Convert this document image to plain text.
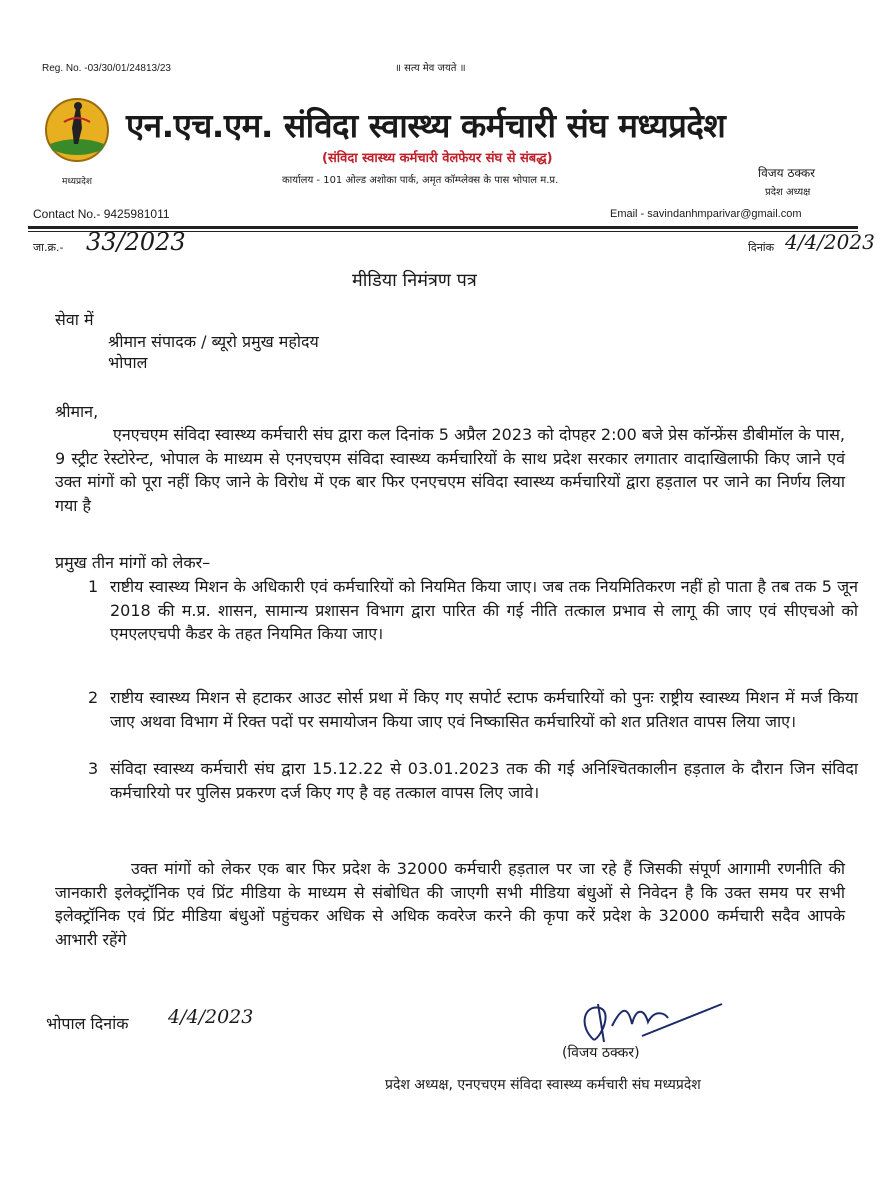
Reg. No. -03/30/01/24813/23	॥ सत्य मेव जयते ॥
मध्यप्रदेश
एन.एच.एम. संविदा स्वास्थ्य कर्मचारी संघ मध्यप्रदेश
(संविदा स्वास्थ्य कर्मचारी वेलफेयर संघ से संबद्ध)
कार्यालय - 101 ओल्ड अशोका पार्क, अमृत कॉम्प्लेक्स के पास भोपाल म.प्र.
विजय ठक्कर
प्रदेश अध्यक्ष
Contact No.- 9425981011	Email - savindanhmparivar@gmail.com
जा.क्र.- 33/2023	दिनांक 4/4/2023
मीडिया निमंत्रण पत्र
सेवा में
श्रीमान संपादक / ब्यूरो प्रमुख महोदय
भोपाल
श्रीमान,
एनएचएम संविदा स्वास्थ्य कर्मचारी संघ द्वारा कल दिनांक 5 अप्रैल 2023 को दोपहर 2:00 बजे प्रेस कॉन्फ्रेंस डीबीमॉल के पास, 9 स्ट्रीट रेस्टोरेन्ट, भोपाल के माध्यम से एनएचएम संविदा स्वास्थ्य कर्मचारियों के साथ प्रदेश सरकार लगातार वादाखिलाफी किए जाने एवं उक्त मांगों को पूरा नहीं किए जाने के विरोध में एक बार फिर एनएचएम संविदा स्वास्थ्य कर्मचारियों द्वारा हड़ताल पर जाने का निर्णय लिया गया है
प्रमुख तीन मांगों को लेकर–
1 राष्टीय स्वास्थ्य मिशन के अधिकारी एवं कर्मचारियों को नियमित किया जाए। जब तक नियमितिकरण नहीं हो पाता है तब तक 5 जून 2018 की म.प्र. शासन, सामान्य प्रशासन विभाग द्वारा पारित की गई नीति तत्काल प्रभाव से लागू की जाए एवं सीएचओ को एमएलएचपी कैडर के तहत नियमित किया जाए।
2 राष्टीय स्वास्थ्य मिशन से हटाकर आउट सोर्स प्रथा में किए गए सपोर्ट स्टाफ कर्मचारियों को पुनः राष्ट्रीय स्वास्थ्य मिशन में मर्ज किया जाए अथवा विभाग में रिक्त पदों पर समायोजन किया जाए एवं निष्कासित कर्मचारियों को शत प्रतिशत वापस लिया जाए।
3 संविदा स्वास्थ्य कर्मचारी संघ द्वारा 15.12.22 से 03.01.2023 तक की गई अनिश्चितकालीन हड़ताल के दौरान जिन संविदा कर्मचारियो पर पुलिस प्रकरण दर्ज किए गए है वह तत्काल वापस लिए जावे।
उक्त मांगों को लेकर एक बार फिर प्रदेश के 32000 कर्मचारी हड़ताल पर जा रहे हैं जिसकी संपूर्ण आगामी रणनीति की जानकारी इलेक्ट्रॉनिक एवं प्रिंट मीडिया के माध्यम से संबोधित की जाएगी सभी मीडिया बंधुओं से निवेदन है कि उक्त समय पर सभी इलेक्ट्रॉनिक एवं प्रिंट मीडिया बंधुओं पहुंचकर अधिक से अधिक कवरेज करने की कृपा करें प्रदेश के 32000 कर्मचारी सदैव आपके आभारी रहेंगे
भोपाल दिनांक 4/4/2023
(विजय ठक्कर)
प्रदेश अध्यक्ष, एनएचएम संविदा स्वास्थ्य कर्मचारी संघ मध्यप्रदेश
